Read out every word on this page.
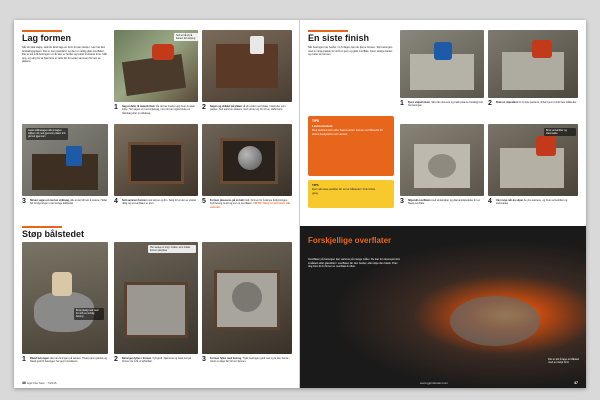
Lag formen
Når du skal støpe, skal du først lage en form du kan støpe i. Her har den forskalingsplaten. Det er som standard, og den er veldig glatt overflaten. Det er lett å få betongen ut når den er herdet og kuttet til ønsket form. Mål opp, og sørg for at hjørnene er rette før du setter sammen formen av platene.
Sett et bånd på kanten før støping
1 Sag ut deler til støpeformen når du har merket opp hvor du skal kutte. Her sages ut med sirkelsag, men du kan også bruke en håndsag eller en stikksag.
2 Sagen og skikkel på platen så du ender med plater i størrelse som passer. Sett sammen platene med skruer og lim for en stabil form.
Jeans stikkesagen slik at sagen stikker nok ned gjennom platen til å gå helt igjennom
3 Skruer sages ut med en stikksag, slik at det blir lett å justere. Hullet blir fordypningen i det ferdige bålstedet.	4 Sett sammen formen med skruer og lim. Sørg for at den er vinklet riktig og at overflaten er jevn.	5 Formen plasseres på en ball midt i formen for å danne fordypningen. Fyll betong rundt og jevn ut overflaten. VIKTIG: Sørg for at formen står vannrett.
Støp bålstedet
Bruk rikelig med vann for å få en smidig betong
Her settes en ring i midten som holder formen på plass
1 Bland betongen etter anvisningen på sekken. Tilsett vann gradvis og bland godt til betongen har jevn konsistens.	2 Betongen fylles i formen. Fyll godt i hjørnene og bank lett på formen for å få ut luftbobler.	3 Formen fylles med betong. Trykk betongen godt ned og la den herde i minst et døgn før formen fjernes.
46 Gjør Det Selv · 7/2016
En siste finish
Når betongen har herdet i 4–5 dager, kan du fjerne formen. Slip betongen med en slipemaskin for å få en jevn og glatt overflate. Fjern skarpe kanter og rester av formen.
1 Fjern støpeformen. Skru løs skruene og trekk platene forsiktig bort fra betongen.	2 Bruk en slipeskive for å slipe kantene. Arbeid jevnt rundt hele bålstedet.
TIPS
Lavbrannstein
Bruk lavbrannstein eller brannmørtel i bunnen av bålstedet for ekstra beskyttelse mot varmen.
TIPS
Fjern alle løse partikler før du tar bålstedet i bruk første gang.
Bruk vernebriller og støvmaske
3 Sliperull overflaten med vinkelsliper og diamantslipeskive for en blank overflate.	4 Vær nøye når du sliper de ytre kantene, og bruk vernebriller og støvmaske.
Forskjellige overflater
Overflaten på betongen kan varieres på mange måter. Du kan for eksempel strø småstein eller glassbiter i overflaten før den herder, eller slipe den blank. Prøv deg fram til du finner en overflate du liker.
Det er lett å lage et bålsted med en støpt form
www.gjordetselv.com	47
